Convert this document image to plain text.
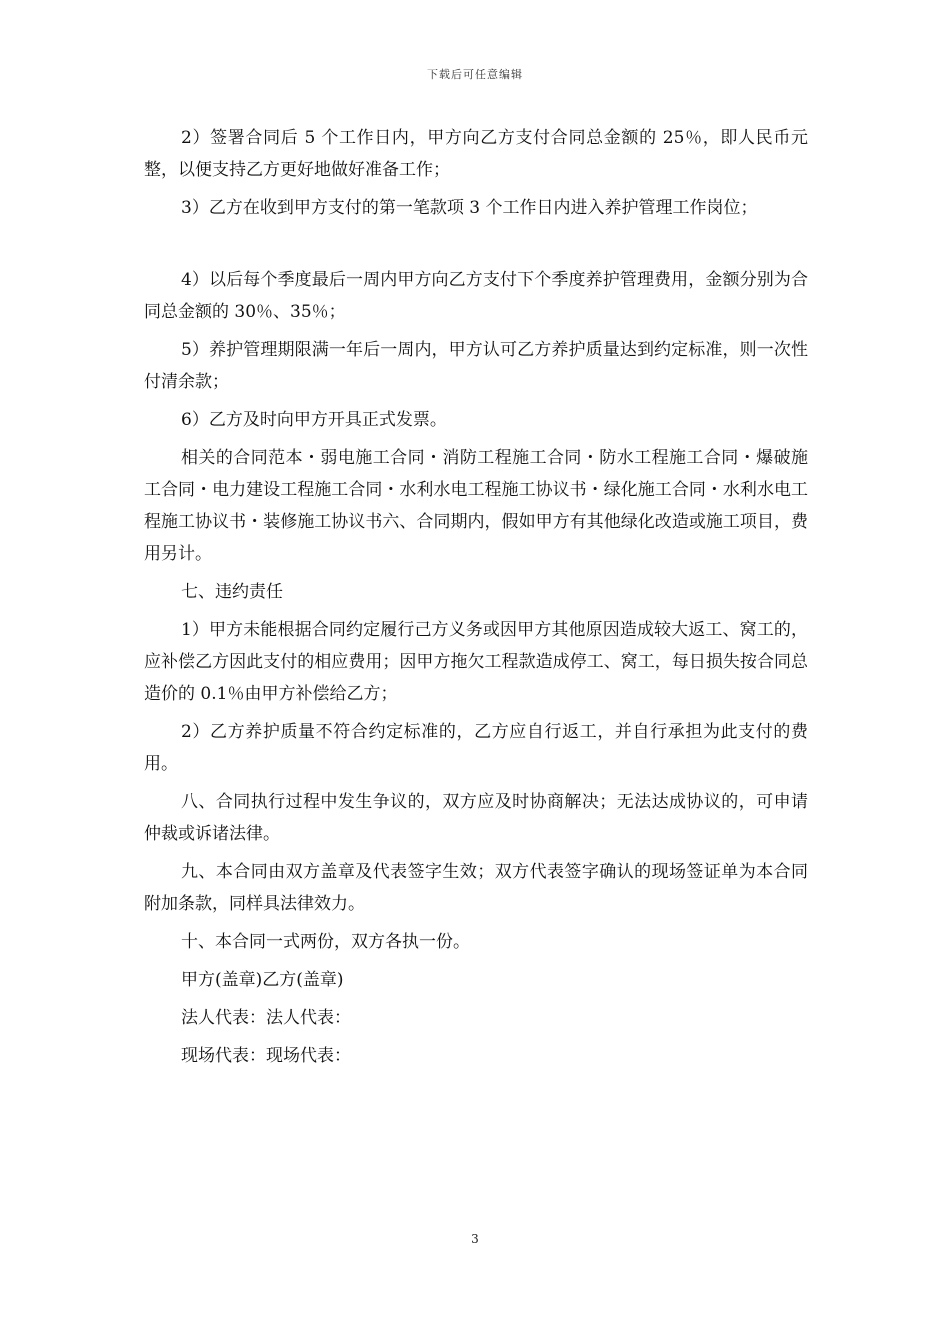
下载后可任意编辑

2）签署合同后 5 个工作日内，甲方向乙方支付合同总金额的 25％，即人民币元整，以便支持乙方更好地做好准备工作；

3）乙方在收到甲方支付的第一笔款项 3 个工作日内进入养护管理工作岗位；

4）以后每个季度最后一周内甲方向乙方支付下个季度养护管理费用，金额分别为合同总金额的 30％、35％；

5）养护管理期限满一年后一周内，甲方认可乙方养护质量达到约定标准，则一次性付清余款；

6）乙方及时向甲方开具正式发票。

相关的合同范本・弱电施工合同・消防工程施工合同・防水工程施工合同・爆破施工合同・电力建设工程施工合同・水利水电工程施工协议书・绿化施工合同・水利水电工程施工协议书・装修施工协议书六、合同期内，假如甲方有其他绿化改造或施工项目，费用另计。

七、违约责任

1）甲方未能根据合同约定履行己方义务或因甲方其他原因造成较大返工、窝工的，应补偿乙方因此支付的相应费用；因甲方拖欠工程款造成停工、窝工，每日损失按合同总造价的 0.1％由甲方补偿给乙方；

2）乙方养护质量不符合约定标准的，乙方应自行返工，并自行承担为此支付的费用。

八、合同执行过程中发生争议的，双方应及时协商解决；无法达成协议的，可申请仲裁或诉诸法律。

九、本合同由双方盖章及代表签字生效；双方代表签字确认的现场签证单为本合同附加条款，同样具法律效力。

十、本合同一式两份，双方各执一份。

甲方(盖章)乙方(盖章)

法人代表：法人代表：

现场代表：现场代表：

3
